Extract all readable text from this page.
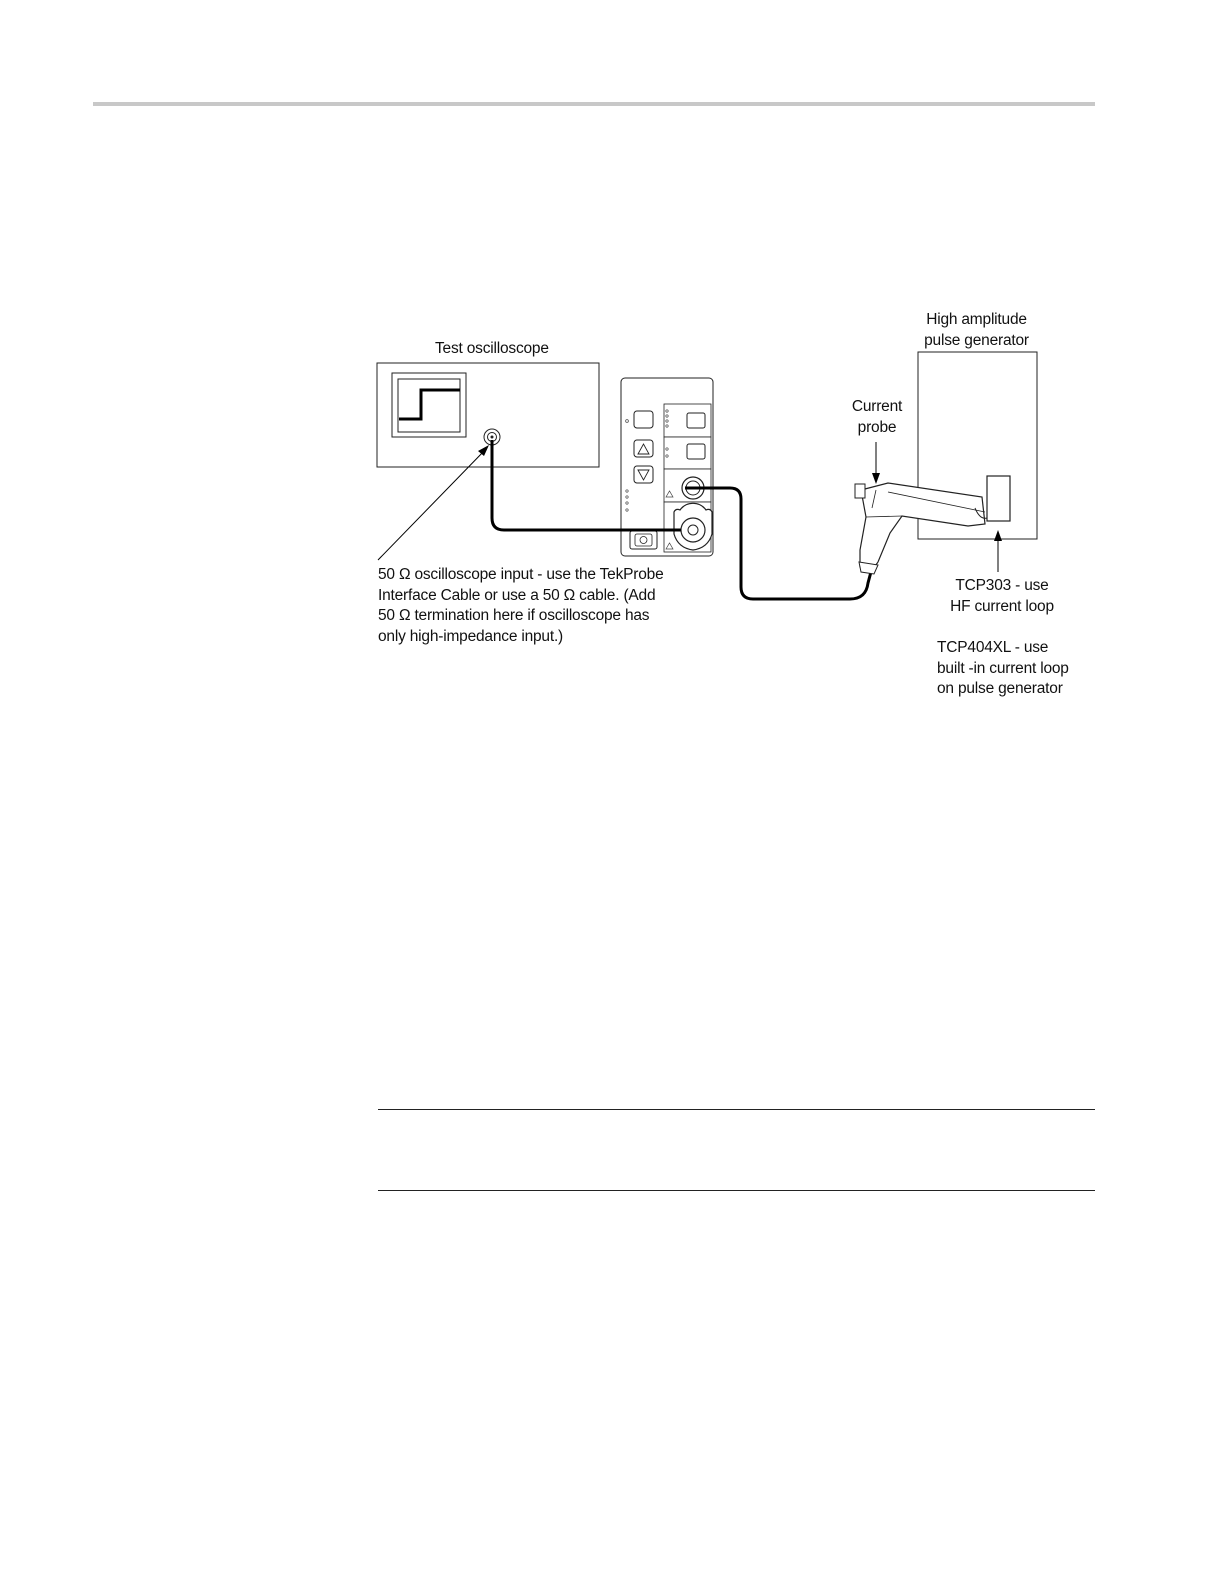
Test oscilloscope
High amplitude
pulse generator
Current
probe
50 Ω oscilloscope input - use the TekProbe
Interface Cable or use a 50 Ω cable. (Add
50 Ω termination here if oscilloscope has
only high-impedance input.)
TCP303 - use
HF current loop
TCP404XL - use
built -in current loop
on pulse generator
